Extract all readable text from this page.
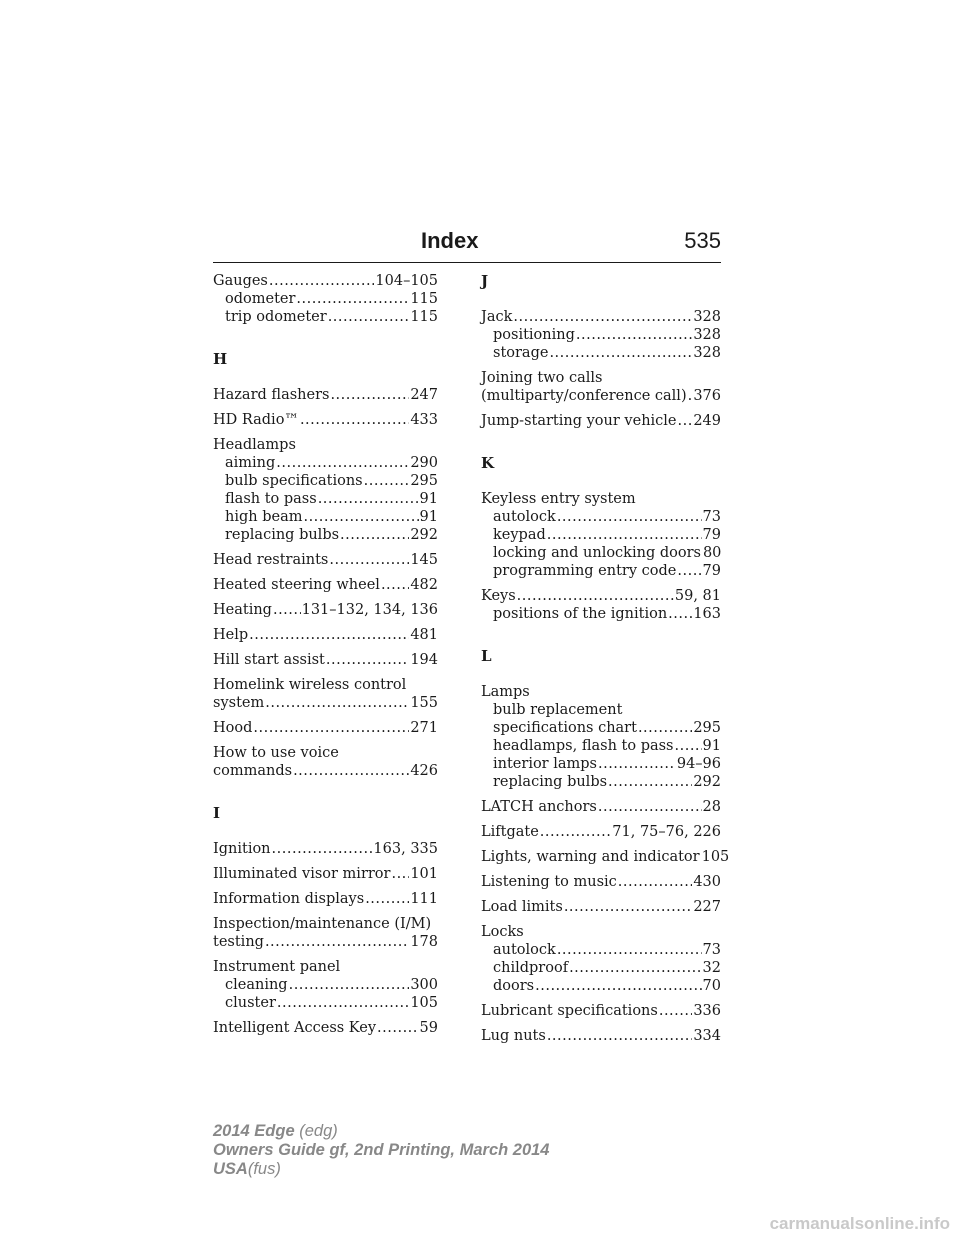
Index	535
Gauges .....	104–105
odometer .....	115
trip odometer .....	115
H
Hazard flashers .....	247
HD Radio™ .....	433
Headlamps
aiming .....	290
bulb specifications .....	295
flash to pass .....	91
high beam .....	91
replacing bulbs .....	292
Head restraints .....	145
Heated steering wheel ..... 482
Heating ..... 131–132, 134, 136
Help .....	481
Hill start assist .....	194
Homelink wireless control
system .....	155
Hood .....	271
How to use voice
commands .....	426
I
Ignition .....	163, 335
Illuminated visor mirror ..... 101
Information displays .....	111
Inspection/maintenance (I/M)
testing .....	178
Instrument panel
cleaning .....	300
cluster .....	105
Intelligent Access Key .....	59
J
Jack .....	328
positioning .....	328
storage .....	328
Joining two calls
(multiparty/conference call) ..... 376
Jump-starting your vehicle ..... 249
K
Keyless entry system
autolock .....	73
keypad .....	79
locking and unlocking doors 80
programming entry code ..... 79
Keys .....	59, 81
positions of the ignition ..... 163
L
Lamps
bulb replacement
specifications chart .....	295
headlamps, flash to pass ..... 91
interior lamps .....	94–96
replacing bulbs .....	292
LATCH anchors .....	28
Liftgate .....	71, 75–76, 226
Lights, warning and indicator 105
Listening to music .....	430
Load limits .....	227
Locks
autolock .....	73
childproof .....	32
doors .....	70
Lubricant specifications ..... 336
Lug nuts .....	334
2014 Edge (edg)
Owners Guide gf, 2nd Printing, March 2014
USA(fus)
carmanualsonline.info
